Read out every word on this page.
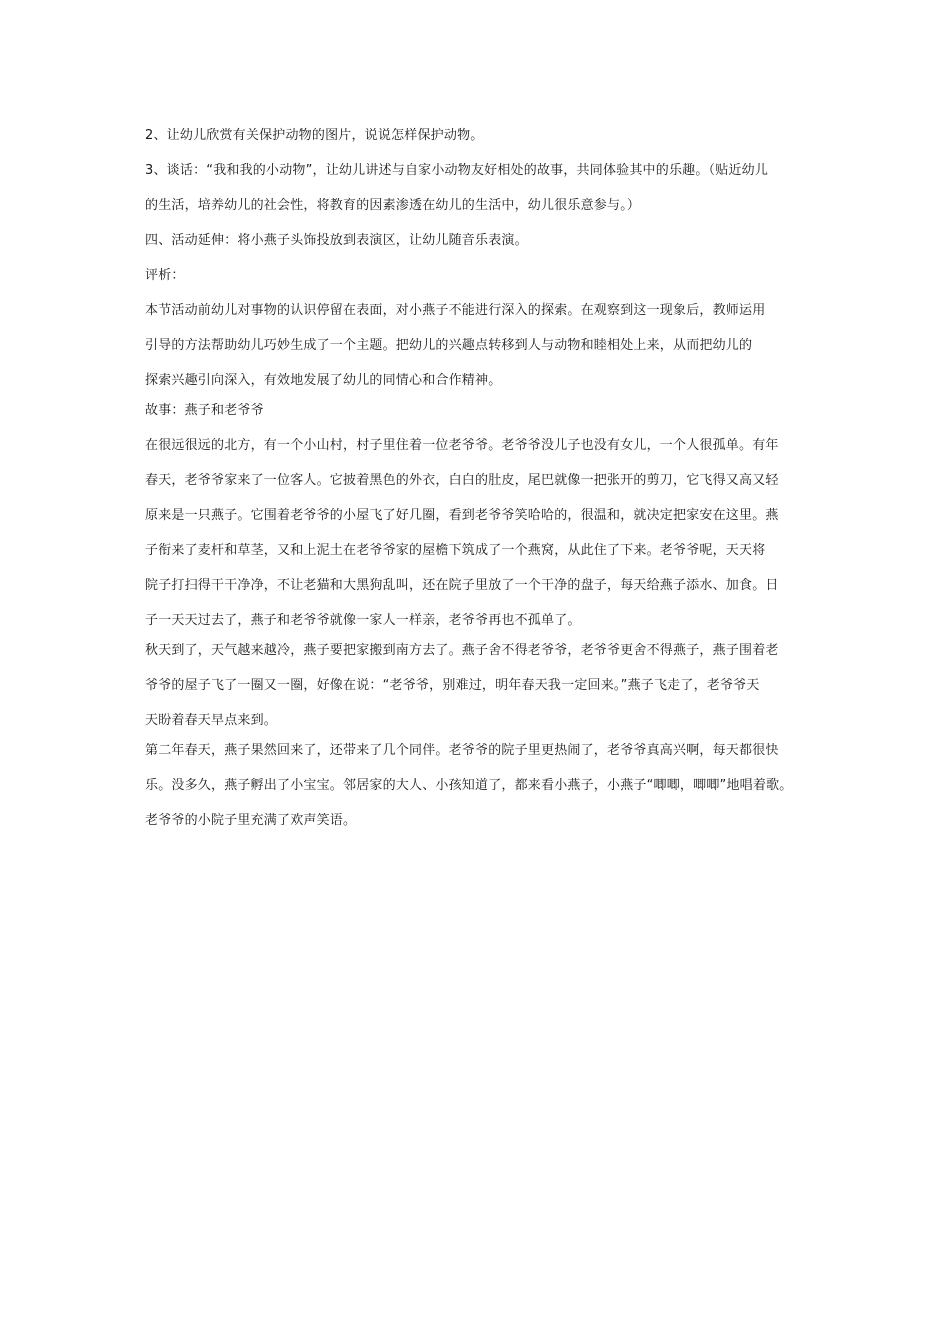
2、让幼儿欣赏有关保护动物的图片，说说怎样保护动物。
3、谈话：“我和我的小动物”，让幼儿讲述与自家小动物友好相处的故事，共同体验其中的乐趣。（贴近幼儿
的生活，培养幼儿的社会性，将教育的因素渗透在幼儿的生活中，幼儿很乐意参与。）
四、活动延伸：将小燕子头饰投放到表演区，让幼儿随音乐表演。
评析：
本节活动前幼儿对事物的认识停留在表面，对小燕子不能进行深入的探索。在观察到这一现象后，教师运用
引导的方法帮助幼儿巧妙生成了一个主题。把幼儿的兴趣点转移到人与动物和睦相处上来，从而把幼儿的
探索兴趣引向深入，有效地发展了幼儿的同情心和合作精神。
故事：燕子和老爷爷
在很远很远的北方，有一个小山村，村子里住着一位老爷爷。老爷爷没儿子也没有女儿，一个人很孤单。有年
春天，老爷爷家来了一位客人。它披着黑色的外衣，白白的肚皮，尾巴就像一把张开的剪刀，它飞得又高又轻
原来是一只燕子。它围着老爷爷的小屋飞了好几圈，看到老爷爷笑哈哈的，很温和，就决定把家安在这里。燕
子衔来了麦杆和草茎，又和上泥土在老爷爷家的屋檐下筑成了一个燕窝，从此住了下来。老爷爷呢，天天将
院子打扫得干干净净，不让老猫和大黑狗乱叫，还在院子里放了一个干净的盘子，每天给燕子添水、加食。日
子一天天过去了，燕子和老爷爷就像一家人一样亲，老爷爷再也不孤单了。
秋天到了，天气越来越冷，燕子要把家搬到南方去了。燕子舍不得老爷爷，老爷爷更舍不得燕子，燕子围着老
爷爷的屋子飞了一圈又一圈，好像在说：“老爷爷，别难过，明年春天我一定回来。”燕子飞走了，老爷爷天
天盼着春天早点来到。
第二年春天，燕子果然回来了，还带来了几个同伴。老爷爷的院子里更热闹了，老爷爷真高兴啊，每天都很快
乐。没多久，燕子孵出了小宝宝。邻居家的大人、小孩知道了，都来看小燕子，小燕子“唧唧，唧唧”地唱着歌。
老爷爷的小院子里充满了欢声笑语。
